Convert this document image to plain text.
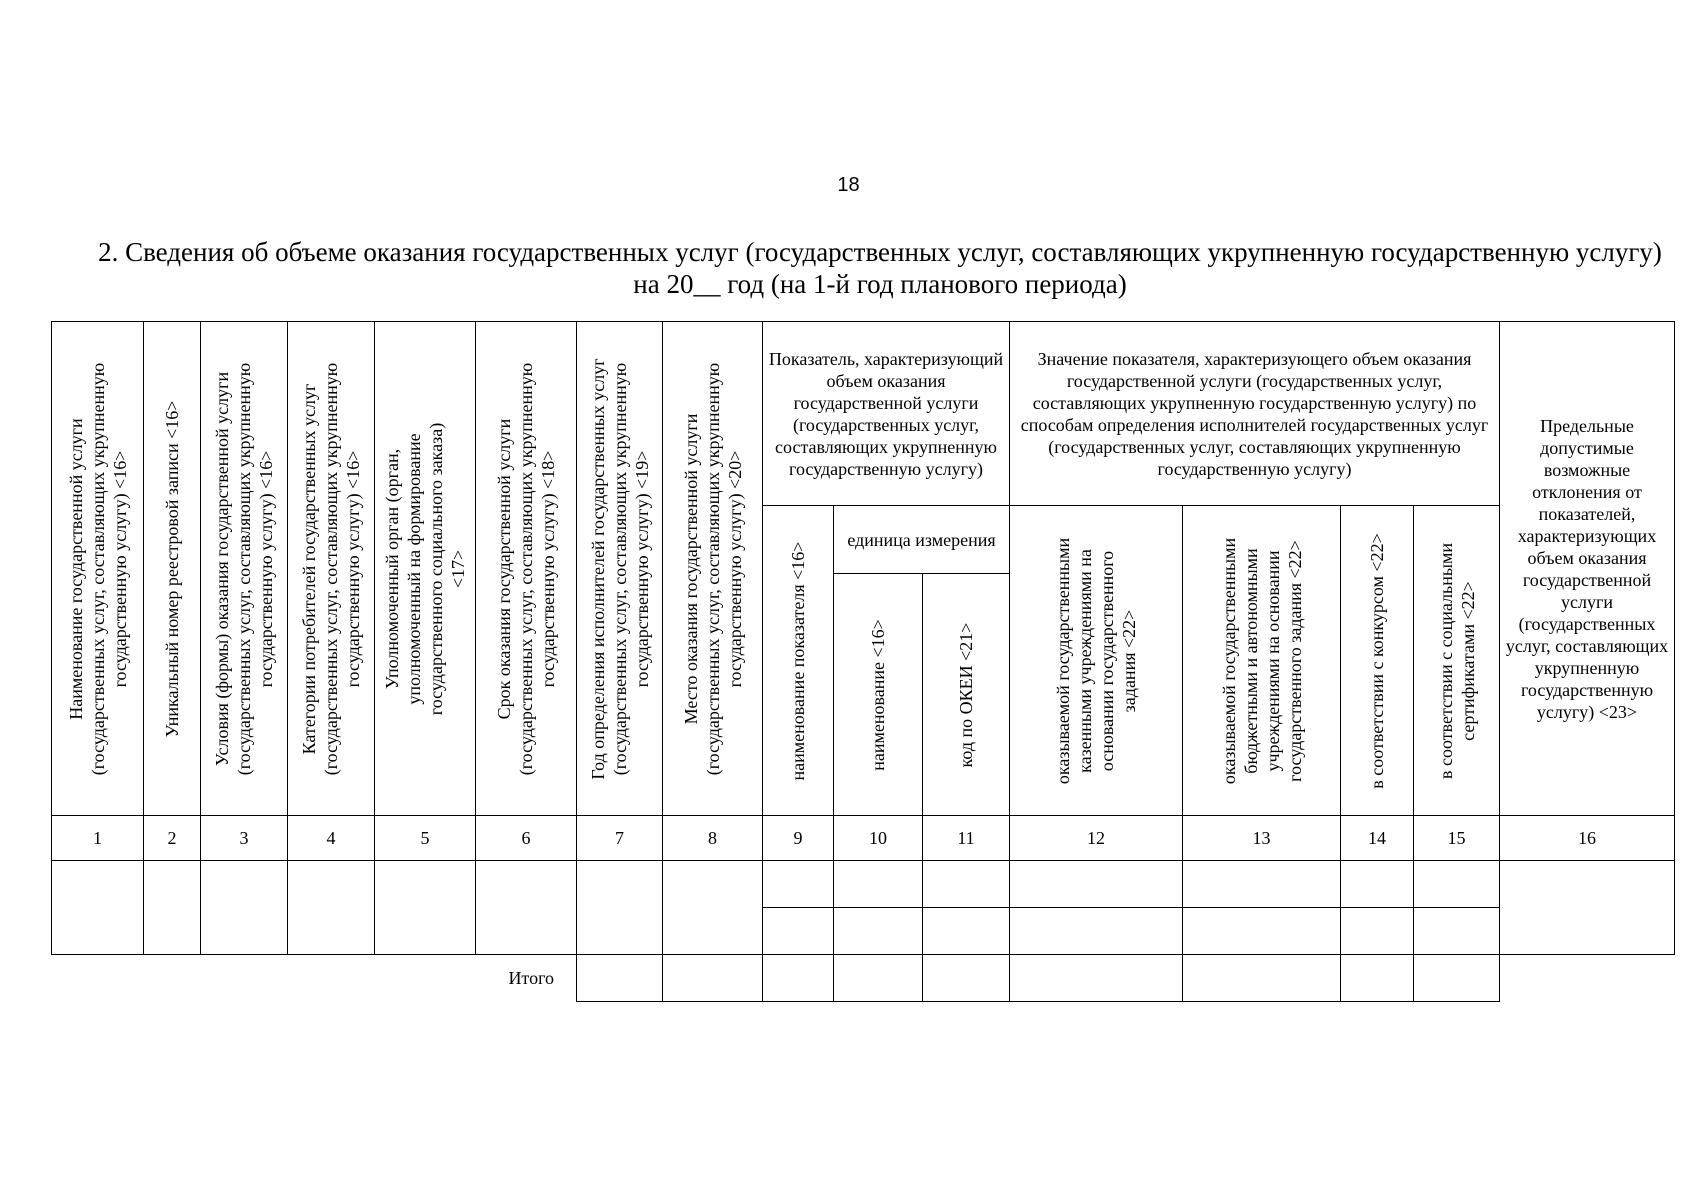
18
2. Сведения об объеме оказания государственных услуг (государственных услуг, составляющих укрупненную государственную услугу) на 20__ год (на 1-й год планового периода)
Наименование государственной услуги (государственных услуг, составляющих укрупненную государственную услугу) <16>	Уникальный номер реестровой записи <16>	Условия (формы) оказания государственной услуги (государственных услуг, составляющих укрупненную государственную услугу) <16>	Категории потребителей государственных услуг (государственных услуг, составляющих укрупненную государственную услугу) <16>	Уполномоченный орган (орган, уполномоченный на формирование государственного социального заказа) <17>	Срок оказания государственной услуги (государственных услуг, составляющих укрупненную государственную услугу) <18>	Год определения исполнителей государственных услуг (государственных услуг, составляющих укрупненную государственную услугу) <19>	Место оказания государственной услуги (государственных услуг, составляющих укрупненную государственную услугу) <20>	Показатель, характеризующий объем оказания государственной услуги (государственных услуг, составляющих укрупненную государственную услугу)			Значение показателя, характеризующего объем оказания государственной услуги (государственных услуг, составляющих укрупненную государственную услугу) по способам определения исполнителей государственных услуг (государственных услуг, составляющих укрупненную государственную услугу)				Предельные допустимые возможные отклонения от показателей, характеризующих объем оказания государственной услуги (государственных услуг, составляющих укрупненную государственную услугу) <23>

								наименование показателя <16>	единица измерения		оказываемой государственными казенными учреждениями на основании государственного задания <22>	оказываемой государственными бюджетными и автономными учреждениями на основании государственного задания <22>	в соответствии с конкурсом <22>	в соответствии с социальными сертификатами <22>	

									наименование <16>	код по ОКЕИ <21>					

1	2	3	4	5	6	7	8	9	10	11	12	13	14	15	16

Итого															
